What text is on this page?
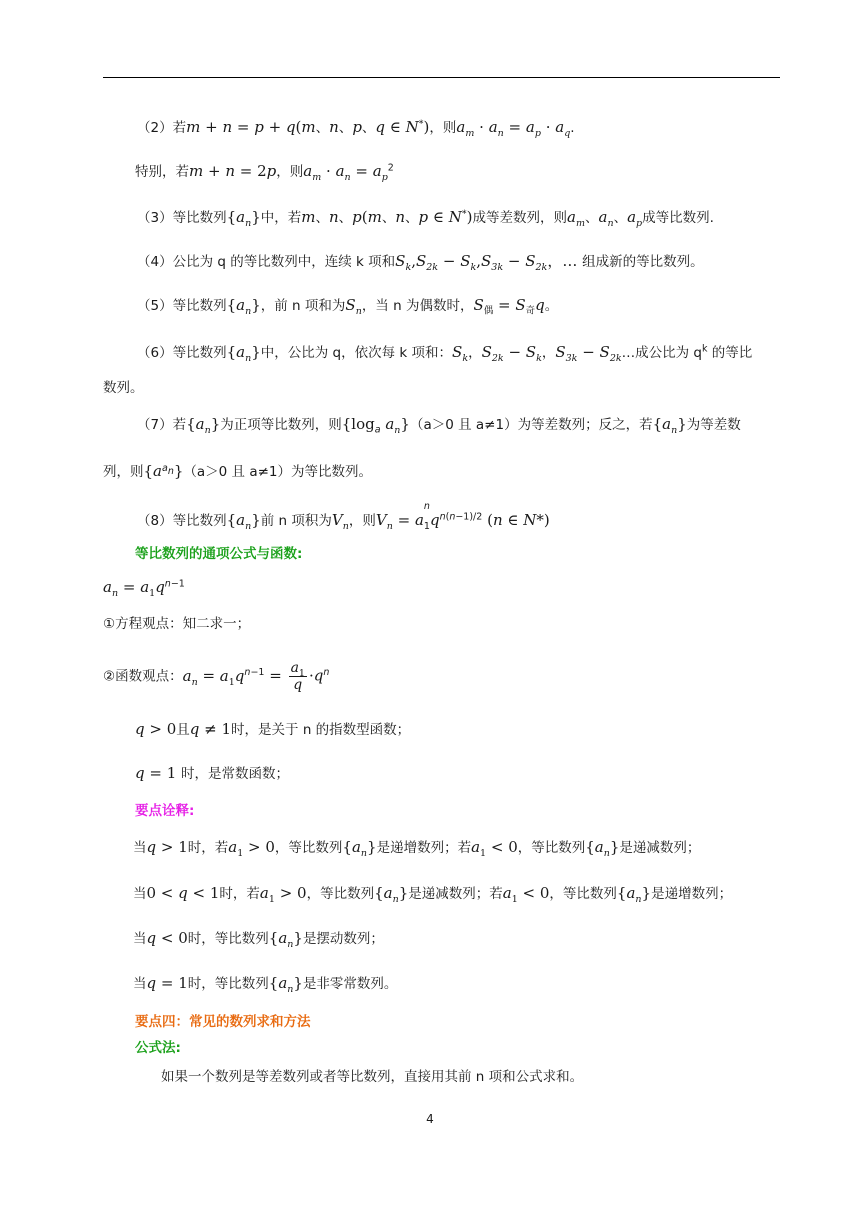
（2）若m + n = p + q(m、n、p、q ∈ N*)，则$a_m \cdot a_n = a_p \cdot a_q$.
特别，若m + n = 2p，则$a_m \cdot a_n = a_p^2$
（3）等比数列$\{a_n\}$中，若m、n、p(m、n、p ∈ N*)成等差数列，则$a_m$、$a_n$、$a_p$成等比数列.
（4）公比为 q 的等比数列中，连续 k 项和$S_k,S_{2k} - S_k,S_{3k} - S_{2k}$，… 组成新的等比数列。
（5）等比数列$\{a_n\}$，前 n 项和为$S_n$，当 n 为偶数时，$S_偶 = S_奇q$。
（6）等比数列$\{a_n\}$中，公比为 q，依次每 k 项和：$S_k$，$S_{2k} - S_k$，$S_{3k}$ − $S_{2k}\dots$成公比为 $q^k$ 的等比
数列。
（7）若$\{a_n\}$为正项等比数列，则{$\log_a$ $a_n\}(a>0$ 且 a≠1）为等差数列；反之，若$\{a_n\}$为等差数
列，则$\{a^{a_n}\}(a>0$ 且 a≠1）为等比数列。
（8）等比数列$\{a_n\}$前 n 项积为$V_n$，则$V_n = a$
$_{n 1}q^{n(n-1)/2}$ (n ∈ N*)
等比数列的通项公式与函数:
$a_n = a_1q^{n-1}$
①方程观点：知二求一；
②函数观点：$a_n = a_1q^{n-1} = \frac{a_1}{q} \cdot q^n$
q > 0且q ≠ 1时，是关于 n 的指数型函数；
q = 1 时，是常数函数；
要点诠释:
当q > 1时，若$a_1 > 0$，等比数列$\{a_n\}$是递增数列；若$a_1 < 0$，等比数列$\{a_n\}$是递减数列；
当0 < q < 1时，若$a_1 > 0$，等比数列$\{a_n\}$是递减数列；若$a_1 < 0$，等比数列$\{a_n\}$是递增数列；
当q < 0时，等比数列$\{a_n\}$是摆动数列；
当q = 1时，等比数列$\{a_n\}$是非零常数列。
要点四：常见的数列求和方法
公式法:
如果一个数列是等差数列或者等比数列，直接用其前 n 项和公式求和。
4
